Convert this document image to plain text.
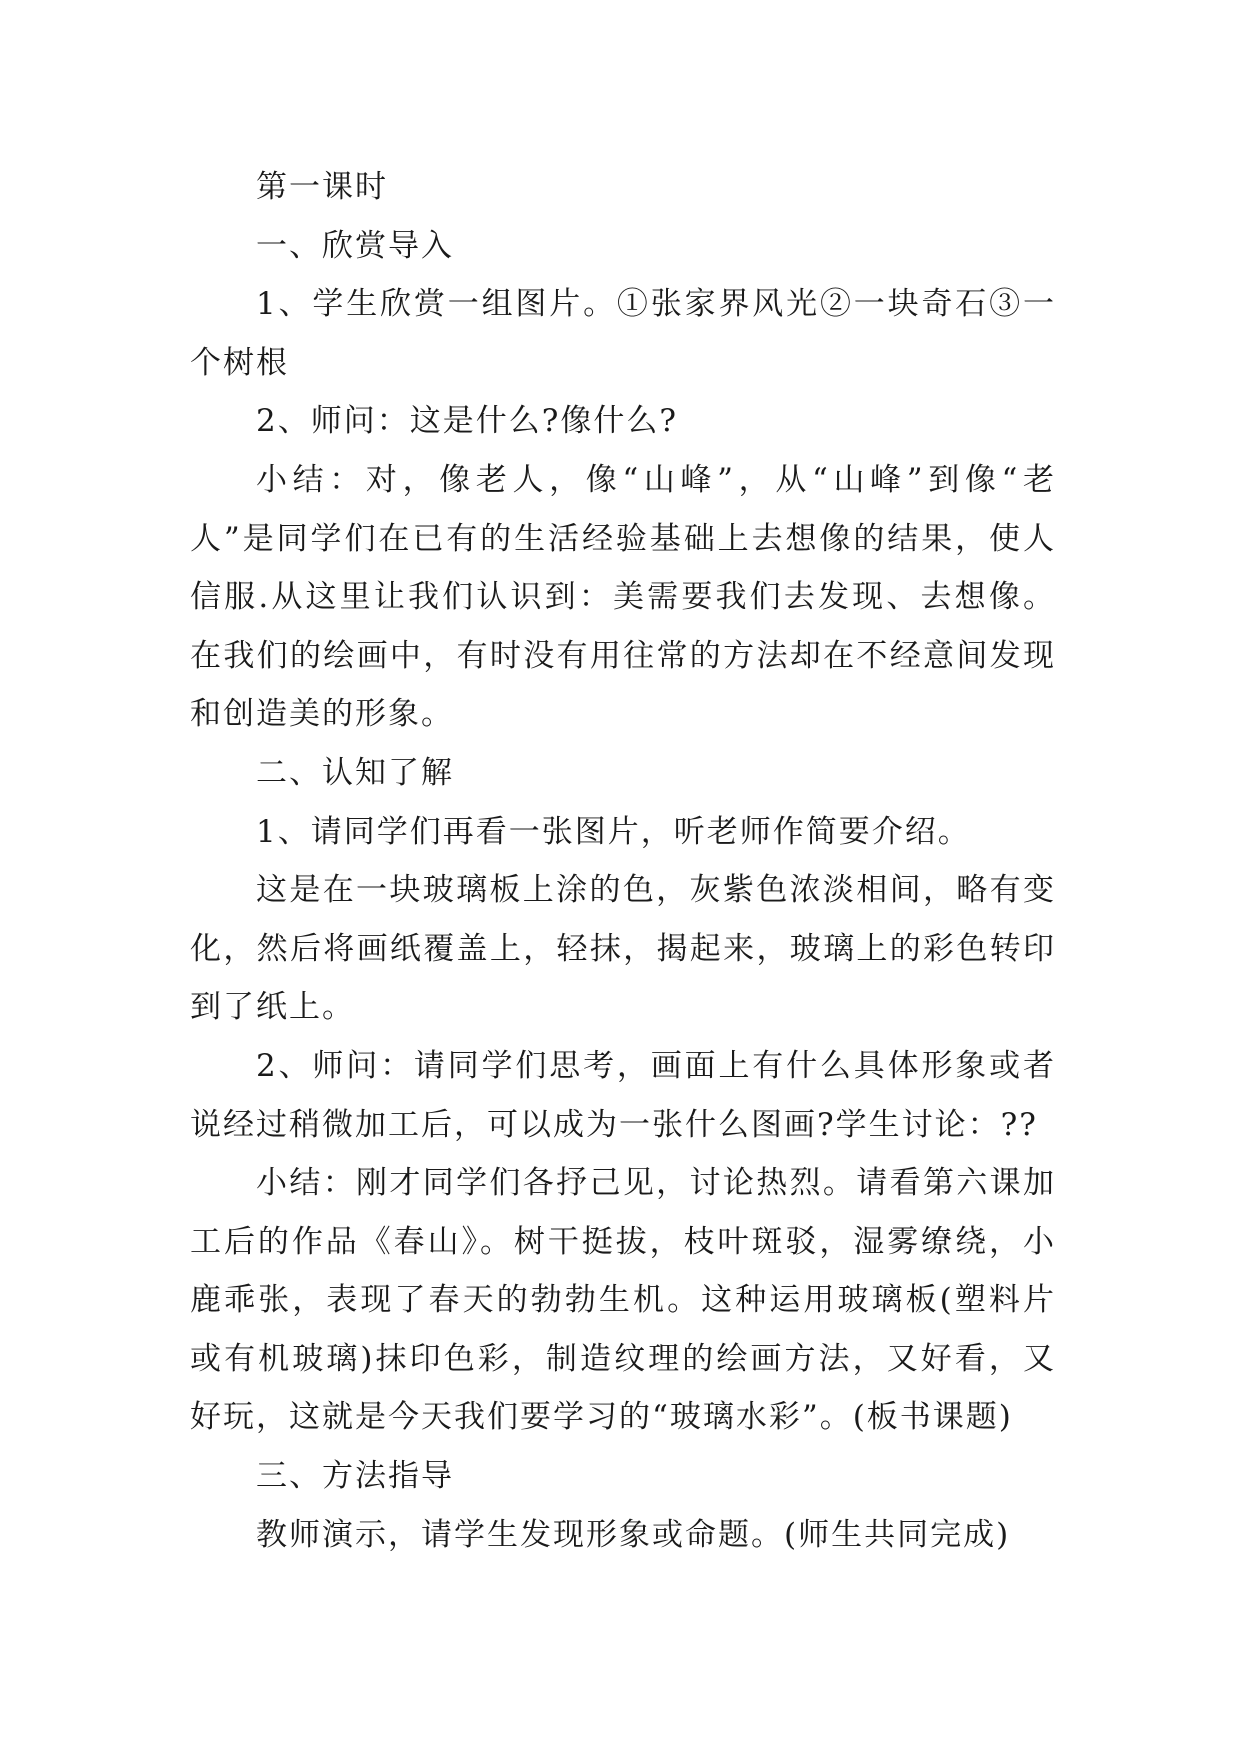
第一课时

一、欣赏导入

1、学生欣赏一组图片。①张家界风光②一块奇石③一个树根

2、师问：这是什么?像什么?

小结：对，像老人，像“山峰”，从“山峰”到像“老人”是同学们在已有的生活经验基础上去想像的结果，使人信服.从这里让我们认识到：美需要我们去发现、去想像。在我们的绘画中，有时没有用往常的方法却在不经意间发现和创造美的形象。

二、认知了解

1、请同学们再看一张图片，听老师作简要介绍。

这是在一块玻璃板上涂的色，灰紫色浓淡相间，略有变化，然后将画纸覆盖上，轻抹，揭起来，玻璃上的彩色转印到了纸上。

2、师问：请同学们思考，画面上有什么具体形象或者说经过稍微加工后，可以成为一张什么图画?学生讨论：??

小结：刚才同学们各抒己见，讨论热烈。请看第六课加工后的作品《春山》。树干挺拔，枝叶斑驳，湿雾缭绕，小鹿乖张，表现了春天的勃勃生机。这种运用玻璃板(塑料片或有机玻璃)抹印色彩，制造纹理的绘画方法，又好看，又好玩，这就是今天我们要学习的“玻璃水彩”。(板书课题)

三、方法指导

教师演示，请学生发现形象或命题。(师生共同完成)
